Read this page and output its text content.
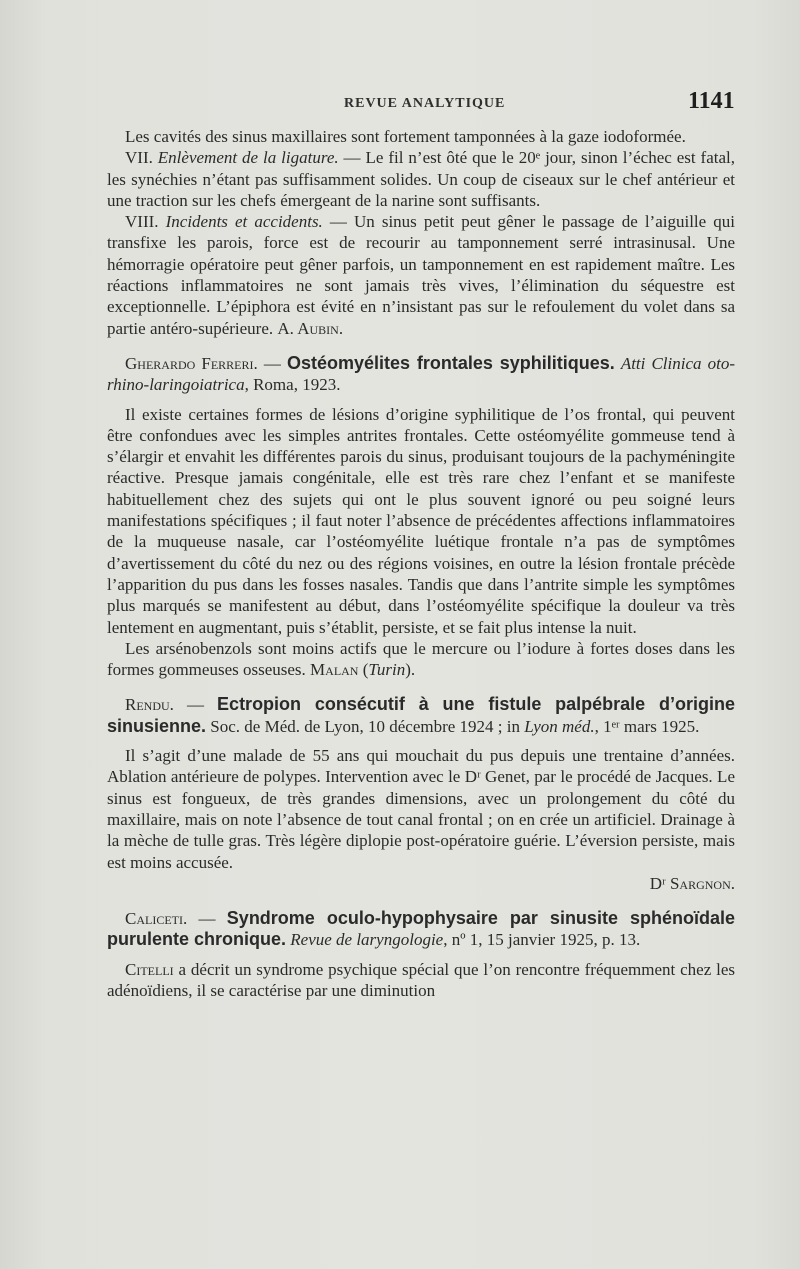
REVUE ANALYTIQUE	1141

Les cavités des sinus maxillaires sont fortement tamponnées à la gaze iodoformée.

VII. Enlèvement de la ligature. — Le fil n’est ôté que le 20ᵉ jour, sinon l’échec est fatal, les synéchies n’étant pas suffisamment solides. Un coup de ciseaux sur le chef antérieur et une traction sur les chefs émergeant de la narine sont suffisants.

VIII. Incidents et accidents. — Un sinus petit peut gêner le passage de l’aiguille qui transfixe les parois, force est de recourir au tamponnement serré intrasinusal. Une hémorragie opératoire peut gêner parfois, un tamponnement en est rapidement maître. Les réactions inflammatoires ne sont jamais très vives, l’élimination du séquestre est exceptionnelle. L’épiphora est évité en n’insistant pas sur le refoulement du volet dans sa partie antéro-supérieure. A. Aubin.

Gherardo Ferreri. — Ostéomyélites frontales syphilitiques. Atti Clinica oto-rhino-laringoiatrica, Roma, 1923.

Il existe certaines formes de lésions d’origine syphilitique de l’os frontal, qui peuvent être confondues avec les simples antrites frontales. Cette ostéomyélite gommeuse tend à s’élargir et envahit les différentes parois du sinus, produisant toujours de la pachyméningite réactive. Presque jamais congénitale, elle est très rare chez l’enfant et se manifeste habituellement chez des sujets qui ont le plus souvent ignoré ou peu soigné leurs manifestations spécifiques ; il faut noter l’absence de précédentes affections inflammatoires de la muqueuse nasale, car l’ostéomyélite luétique frontale n’a pas de symptômes d’avertissement du côté du nez ou des régions voisines, en outre la lésion frontale précède l’apparition du pus dans les fosses nasales. Tandis que dans l’antrite simple les symptômes plus marqués se manifestent au début, dans l’ostéomyélite spécifique la douleur va très lentement en augmentant, puis s’établit, persiste, et se fait plus intense la nuit.

Les arsénobenzols sont moins actifs que le mercure ou l’iodure à fortes doses dans les formes gommeuses osseuses. Malan (Turin).

Rendu. — Ectropion consécutif à une fistule palpébrale d’origine sinusienne. Soc. de Méd. de Lyon, 10 décembre 1924 ; in Lyon méd., 1ᵉʳ mars 1925.

Il s’agit d’une malade de 55 ans qui mouchait du pus depuis une trentaine d’années. Ablation antérieure de polypes. Intervention avec le Dʳ Genet, par le procédé de Jacques. Le sinus est fongueux, de très grandes dimensions, avec un prolongement du côté du maxillaire, mais on note l’absence de tout canal frontal ; on en crée un artificiel. Drainage à la mèche de tulle gras. Très légère diplopie post-opératoire guérie. L’éversion persiste, mais est moins accusée.

Dʳ Sargnon.

Caliceti. — Syndrome oculo-hypophysaire par sinusite sphénoïdale purulente chronique. Revue de laryngologie, nº 1, 15 janvier 1925, p. 13.

Citelli a décrit un syndrome psychique spécial que l’on rencontre fréquemment chez les adénoïdiens, il se caractérise par une diminution
